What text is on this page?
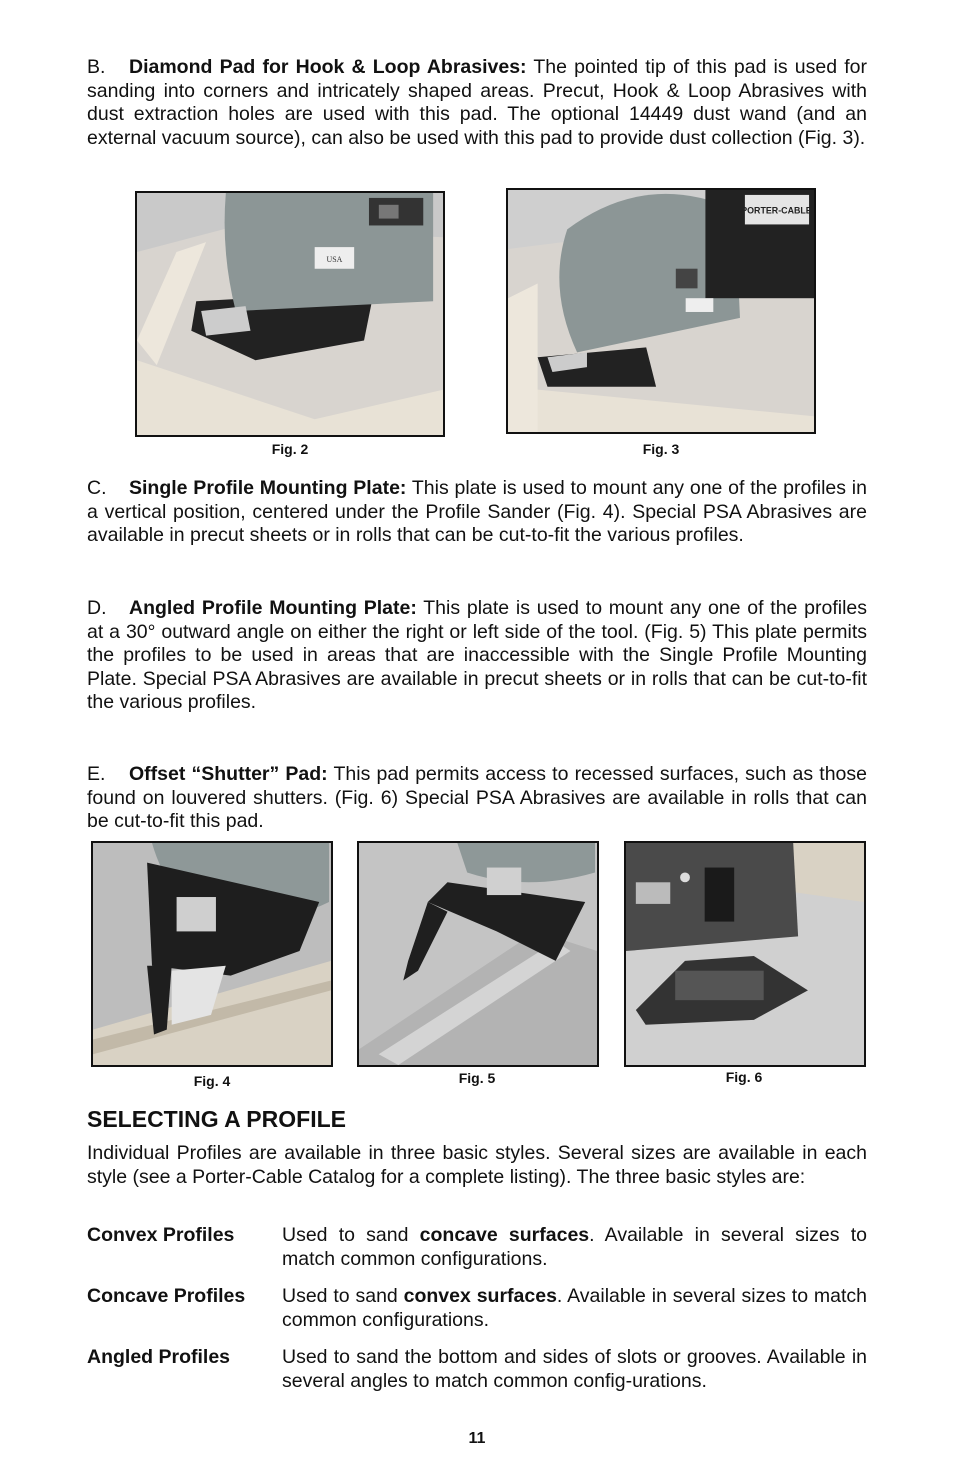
B. Diamond Pad for Hook & Loop Abrasives: The pointed tip of this pad is used for sanding into corners and intricately shaped areas. Precut, Hook & Loop Abrasives with dust extraction holes are used with this pad. The optional 14449 dust wand (and an external vacuum source), can also be used with this pad to provide dust collection (Fig. 3).

USA
Fig. 2
PORTER-CABLE
Fig. 3

C. Single Profile Mounting Plate: This plate is used to mount any one of the profiles in a vertical position, centered under the Profile Sander (Fig. 4). Special PSA Abrasives are available in precut sheets or in rolls that can be cut-to-fit the various profiles.

D. Angled Profile Mounting Plate: This plate is used to mount any one of the profiles at a 30° outward angle on either the right or left side of the tool. (Fig. 5) This plate permits the profiles to be used in areas that are inaccessible with the Single Profile Mounting Plate. Special PSA Abrasives are available in precut sheets or in rolls that can be cut-to-fit the various profiles.

E. Offset “Shutter” Pad: This pad permits access to recessed surfaces, such as those found on louvered shutters. (Fig. 6) Special PSA Abrasives are available in rolls that can be cut-to-fit this pad.

Fig. 4	Fig. 5	Fig. 6
SELECTING A PROFILE

Individual Profiles are available in three basic styles. Several sizes are available in each style (see a Porter-Cable Catalog for a complete listing). The three basic styles are:

Convex Profiles	Used to sand concave surfaces. Available in several sizes to match common configurations.

Concave Profiles	Used to sand convex surfaces. Available in several sizes to match common configurations.

Angled Profiles	Used to sand the bottom and sides of slots or grooves. Available in several angles to match common config-urations.

11
